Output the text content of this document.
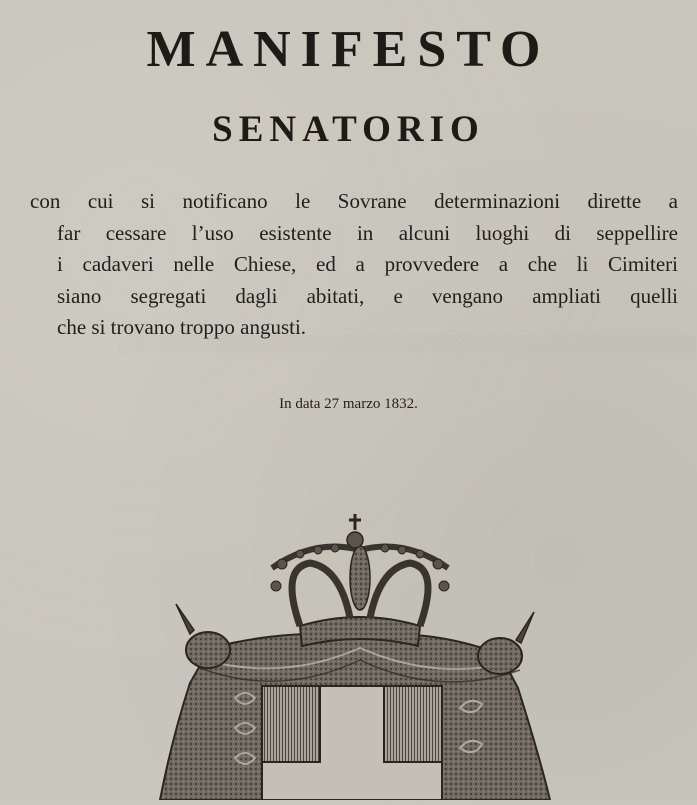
░░░░░░░░░░░░░░░░░░░░░░░░░░░░░░░░░░░░░░░░░░░░░░░░
MANIFESTO
SENATORIO
con cui si notificano le Sovrane determinazioni dirette a
far cessare l’uso esistente in alcuni luoghi di seppellire
i cadaveri nelle Chiese, ed a provvedere a che li Cimiteri
siano segregati dagli abitati, e vengano ampliati quelli
che si trovano troppo angusti.
In data 27 marzo 1832.
